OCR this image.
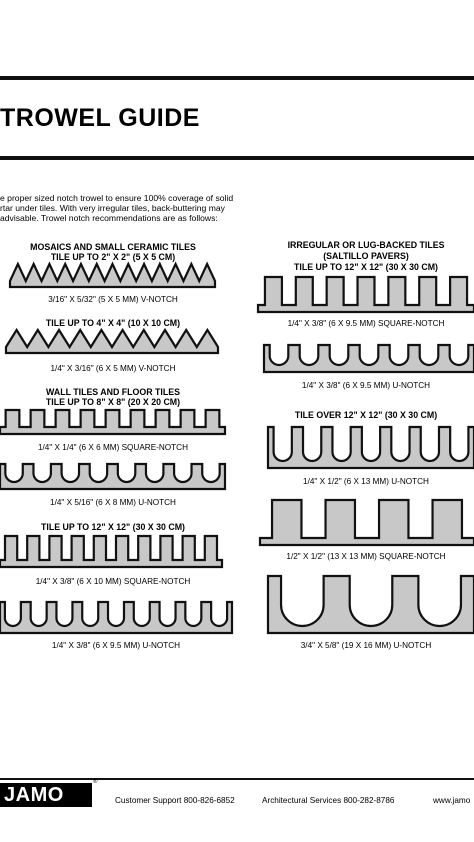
TROWEL GUIDE
e proper sized notch trowel to ensure 100% coverage of solid
rtar under tiles. With very irregular tiles, back-buttering may
advisable. Trowel notch recommendations are as follows:
MOSAICS AND SMALL CERAMIC TILES
TILE UP TO 2" X 2" (5 X 5 CM)
3/16" X 5/32" (5 X 5 MM) V-NOTCH
TILE UP TO 4" X 4" (10 X 10 CM)
1/4" X 3/16" (6 X 5 MM) V-NOTCH
WALL TILES AND FLOOR TILES
TILE UP TO 8" X 8" (20 X 20 CM)
1/4" X 1/4" (6 X 6 MM) SQUARE-NOTCH
1/4" X 5/16" (6 X 8 MM) U-NOTCH
TILE UP TO 12" X 12" (30 X 30 CM)
1/4" X 3/8" (6 X 10 MM) SQUARE-NOTCH
1/4" X 3/8" (6 X 9.5 MM) U-NOTCH
IRREGULAR OR LUG-BACKED TILES
(SALTILLO PAVERS)
TILE UP TO 12" X 12" (30 X 30 CM)
1/4" X 3/8" (6 X 9.5 MM) SQUARE-NOTCH
1/4" X 3/8" (6 X 9.5 MM) U-NOTCH
TILE OVER 12" X 12" (30 X 30 CM)
1/4" X 1/2" (6 X 13 MM) U-NOTCH
1/2" X 1/2" (13 X 13 MM) SQUARE-NOTCH
3/4" X 5/8" (19 X 16 MM) U-NOTCH
JAMO
®
Customer Support 800-826-6852	Architectural Services 800-282-8786	www.jamo
